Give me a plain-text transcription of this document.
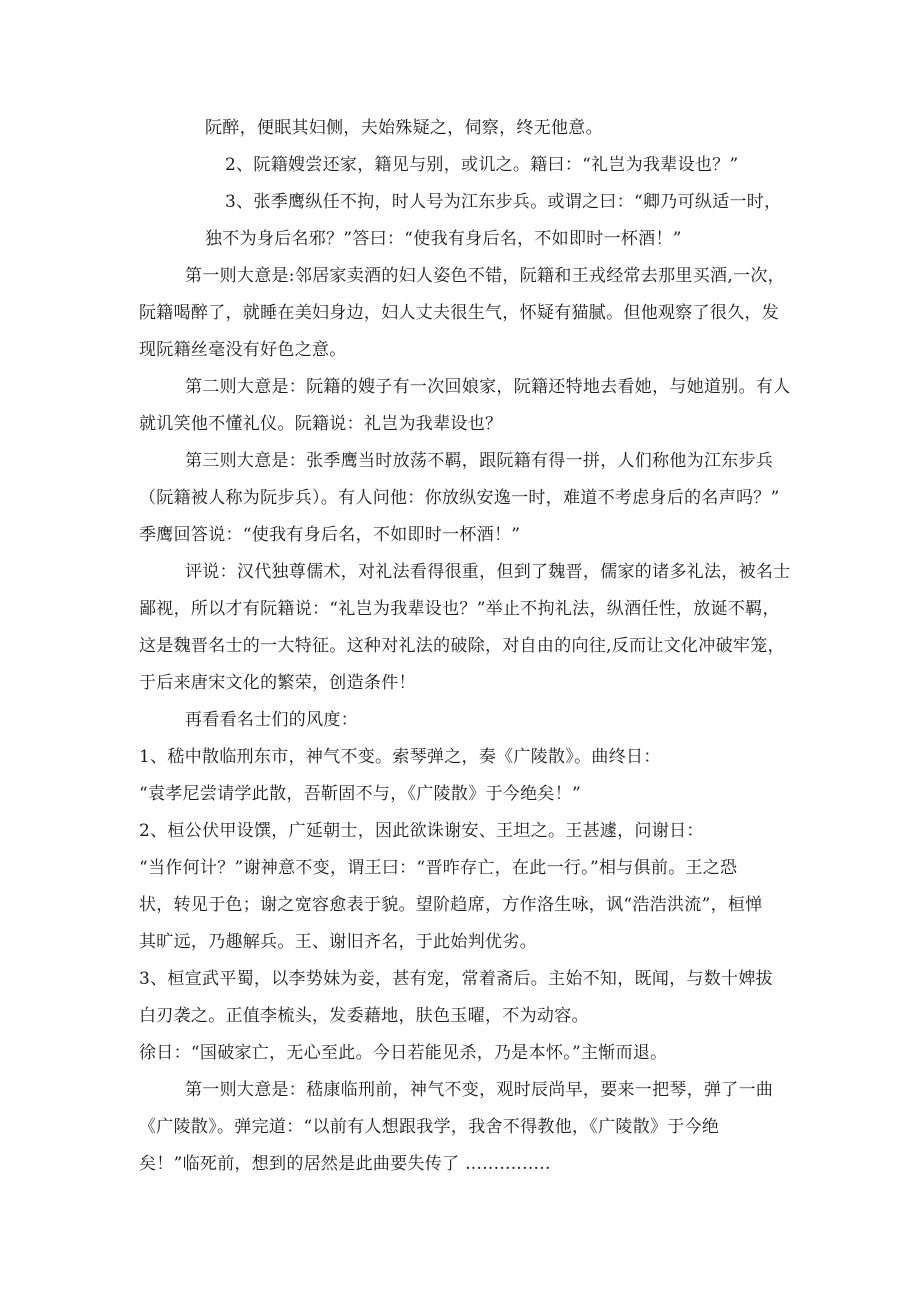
阮醉，便眠其妇侧，夫始殊疑之，伺察，终无他意。
2、阮籍嫂尝还家，籍见与别，或讥之。籍曰：“礼岂为我辈设也？”
3、张季鹰纵任不拘，时人号为江东步兵。或谓之曰：“卿乃可纵适一时，
独不为身后名邪？”答曰：“使我有身后名，不如即时一杯酒！”
第一则大意是:邻居家卖酒的妇人姿色不错，阮籍和王戎经常去那里买酒,一次，
阮籍喝醉了，就睡在美妇身边，妇人丈夫很生气，怀疑有猫腻。但他观察了很久，发
现阮籍丝毫没有好色之意。
第二则大意是：阮籍的嫂子有一次回娘家，阮籍还特地去看她，与她道别。有人
就讥笑他不懂礼仪。阮籍说：礼岂为我辈设也？
第三则大意是：张季鹰当时放荡不羁，跟阮籍有得一拼，人们称他为江东步兵
（阮籍被人称为阮步兵）。有人问他：你放纵安逸一时，难道不考虑身后的名声吗？”
季鹰回答说：“使我有身后名，不如即时一杯酒！”
评说：汉代独尊儒术，对礼法看得很重，但到了魏晋，儒家的诸多礼法，被名士
鄙视，所以才有阮籍说：“礼岂为我辈设也？”举止不拘礼法，纵酒任性，放诞不羁，
这是魏晋名士的一大特征。这种对礼法的破除，对自由的向往,反而让文化冲破牢笼，
于后来唐宋文化的繁荣，创造条件！
再看看名士们的风度：
1、嵇中散临刑东市，神气不变。索琴弹之，奏《广陵散》。曲终日：
“袁孝尼尝请学此散，吾靳固不与，《广陵散》于今绝矣！”
2、桓公伏甲设馔，广延朝士，因此欲诛谢安、王坦之。王甚遽，问谢日：
“当作何计？”谢神意不变，谓王曰：“晋昨存亡，在此一行。”相与俱前。王之恐
状，转见于色；谢之宽容愈表于貌。望阶趋席，方作洛生咏，讽“浩浩洪流”，桓惮
其旷远，乃趣解兵。王、谢旧齐名，于此始判优劣。
3、桓宣武平蜀，以李势妹为妾，甚有宠，常着斋后。主始不知，既闻，与数十婢拔
白刃袭之。正值李梳头，发委藉地，肤色玉曜，不为动容。
徐日：“国破家亡，无心至此。今日若能见杀，乃是本怀。”主惭而退。
第一则大意是：嵇康临刑前，神气不变，观时辰尚早，要来一把琴，弹了一曲
《广陵散》。弹完道：“以前有人想跟我学，我舍不得教他，《广陵散》于今绝
矣！”临死前，想到的居然是此曲要失传了 ...............
